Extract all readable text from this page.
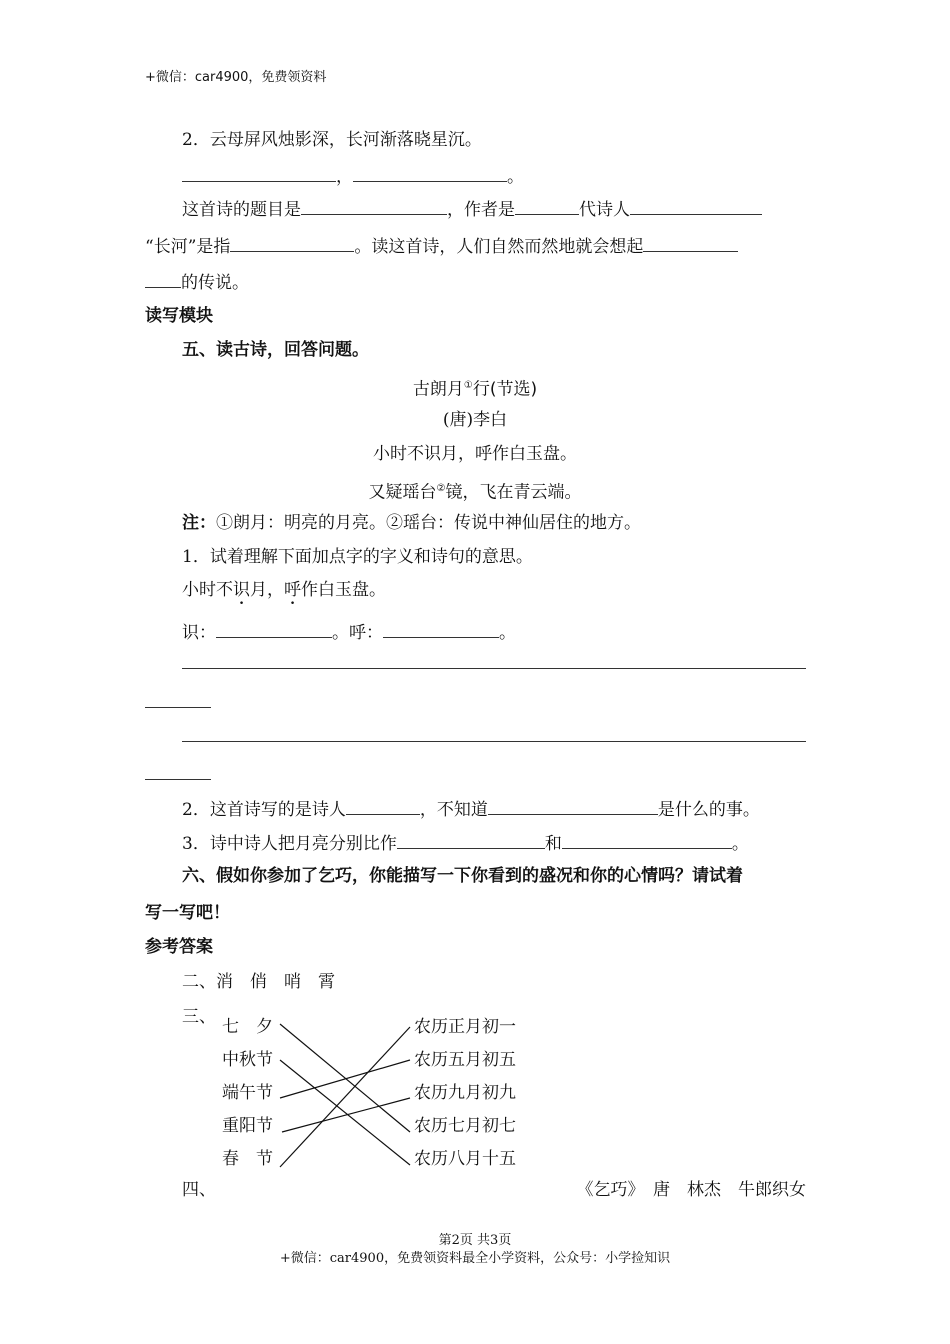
+微信：car4900，免费领资料
2．云母屏风烛影深，长河渐落晓星沉。
，	。
这首诗的题目是	，作者是	代诗人
“长河”是指	。读这首诗，人们自然而然地就会想起
的传说。
读写模块
五、读古诗，回答问题。
古朗月①行(节选)
(唐)李白
小时不识月，呼作白玉盘。
又疑瑶台②镜，飞在青云端。
注：①朗月：明亮的月亮。②瑶台：传说中神仙居住的地方。
1．试着理解下面加点字的字义和诗句的意思。
小时不识月，呼作白玉盘。
识：	。呼：	。
2．这首诗写的是诗人	，不知道	是什么的事。
3．诗中诗人把月亮分别比作	和	。
六、假如你参加了乞巧，你能描写一下你看到的盛况和你的心情吗？请试着
写一写吧！
参考答案
二、消　俏　哨　霄
三、 七　夕
中秋节
端午节
重阳节
春　节
农历正月初一
农历五月初五
农历九月初九
农历七月初七
农历八月十五
四、	《乞巧》　唐　林杰　牛郎织女
第2页 共3页
+微信：car4900，免费领资料最全小学资料，公众号：小学捡知识
